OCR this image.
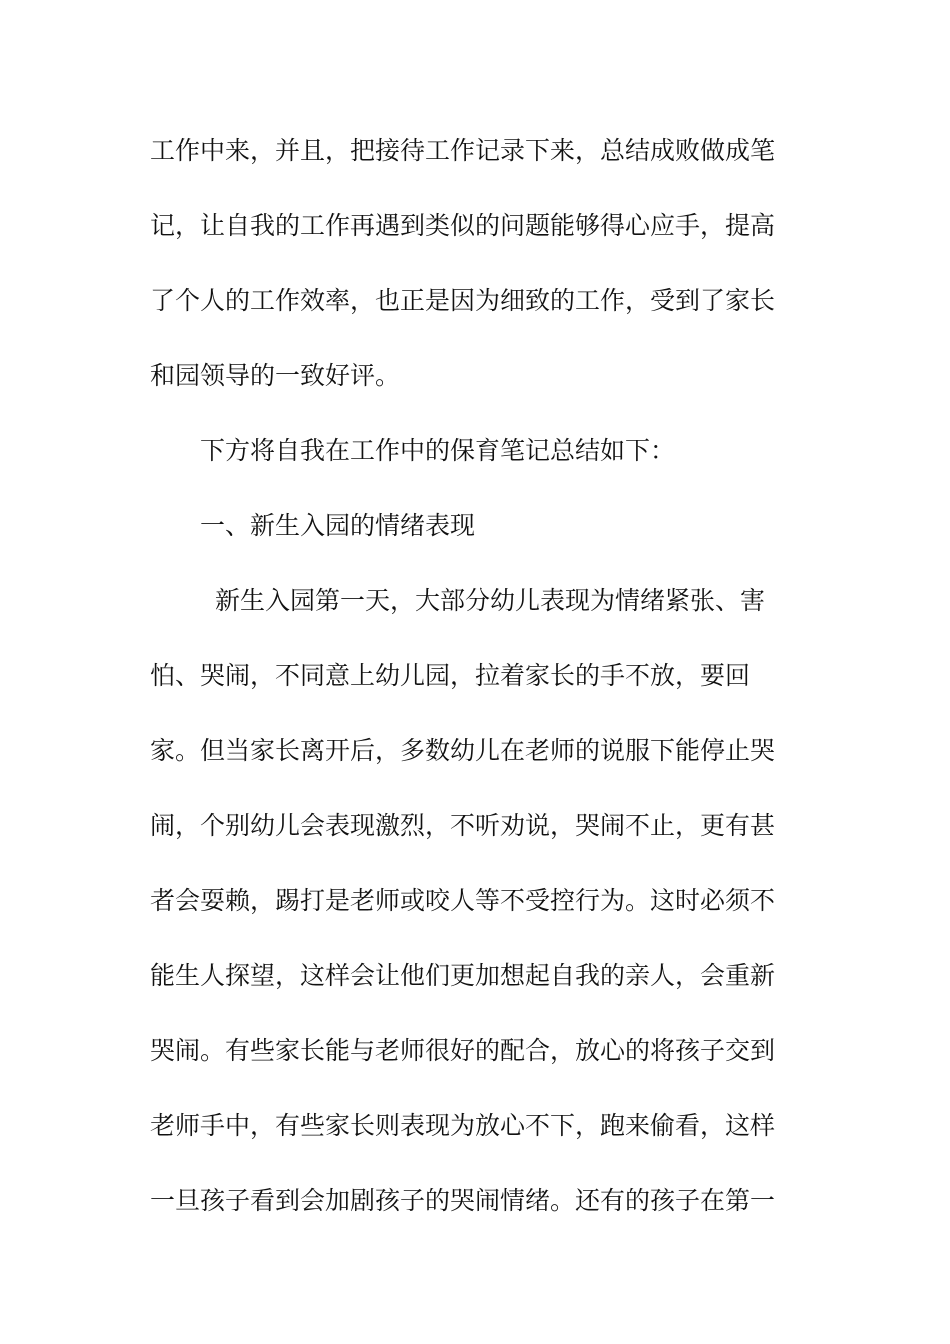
工作中来，并且，把接待工作记录下来，总结成败做成笔
记，让自我的工作再遇到类似的问题能够得心应手，提高
了个人的工作效率，也正是因为细致的工作，受到了家长
和园领导的一致好评。
下方将自我在工作中的保育笔记总结如下：
一、新生入园的情绪表现
新生入园第一天，大部分幼儿表现为情绪紧张、害
怕、哭闹，不同意上幼儿园，拉着家长的手不放，要回
家。但当家长离开后，多数幼儿在老师的说服下能停止哭
闹，个别幼儿会表现激烈，不听劝说，哭闹不止，更有甚
者会耍赖，踢打是老师或咬人等不受控行为。这时必须不
能生人探望，这样会让他们更加想起自我的亲人，会重新
哭闹。有些家长能与老师很好的配合，放心的将孩子交到
老师手中，有些家长则表现为放心不下，跑来偷看，这样
一旦孩子看到会加剧孩子的哭闹情绪。还有的孩子在第一
